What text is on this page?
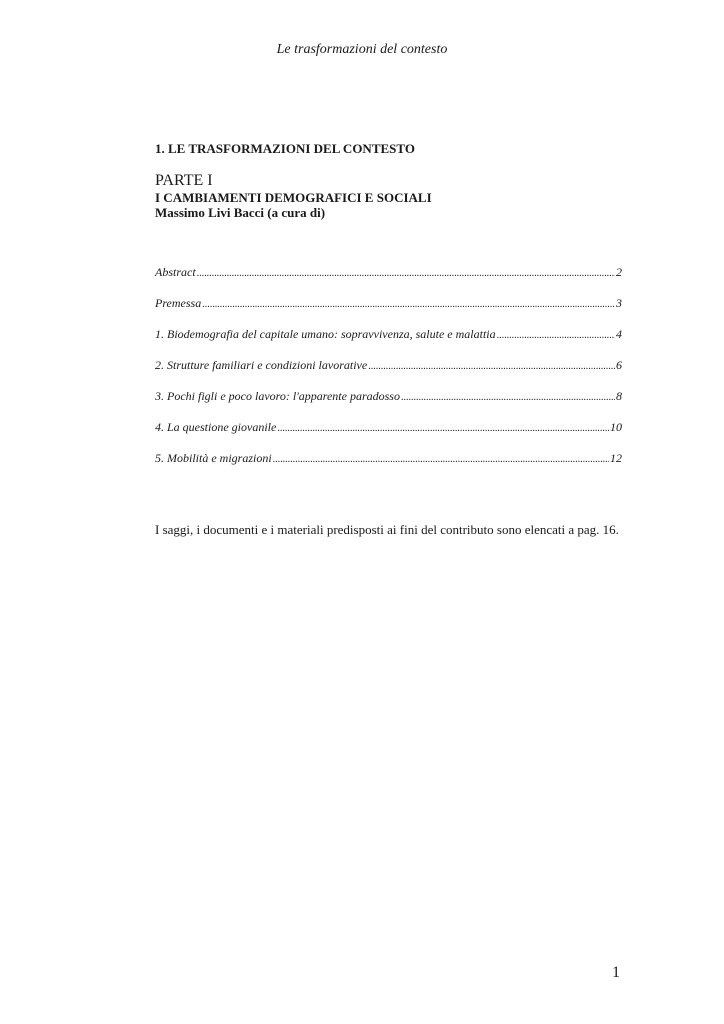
Le trasformazioni del contesto
1. LE TRASFORMAZIONI DEL CONTESTO
PARTE I
I CAMBIAMENTI DEMOGRAFICI E SOCIALI
Massimo Livi Bacci (a cura di)
Abstract .....	2
Premessa .....	3
1. Biodemografia del capitale umano: sopravvivenza, salute e malattia .....	4
2. Strutture familiari e condizioni lavorative .....	6
3. Pochi figli e poco lavoro: l'apparente paradosso .....	8
4. La questione giovanile .....	10
5. Mobilità e migrazioni .....	12
I saggi, i documenti e i materiali predisposti ai fini del contributo sono elencati a pag. 16.
1
